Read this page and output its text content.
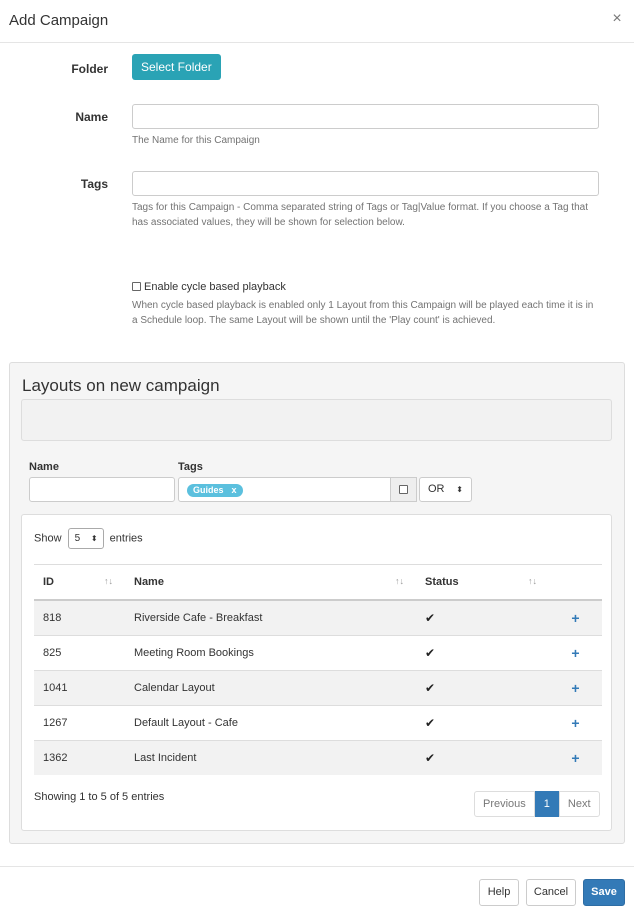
Add Campaign	×
Folder	Select Folder
Name
The Name for this Campaign
Tags
Tags for this Campaign - Comma separated string of Tags or Tag|Value format. If you choose a Tag that has associated values, they will be shown for selection below.
Enable cycle based playback
When cycle based playback is enabled only 1 Layout from this Campaign will be played each time it is in a Schedule loop. The same Layout will be shown until the 'Play count' is achieved.
Layouts on new campaign
Name	Tags
Guides x	OR ⬍
Show 5 ⬍ entries
ID ↑↓	Name ↑↓	Status ↑↓	

818	Riverside Cafe - Breakfast	✔	+
825	Meeting Room Bookings	✔	+
1041	Calendar Layout	✔	+
1267	Default Layout - Cafe	✔	+
1362	Last Incident	✔	+
Showing 1 to 5 of 5 entries
Previous	1	Next
Help	Cancel	Save
